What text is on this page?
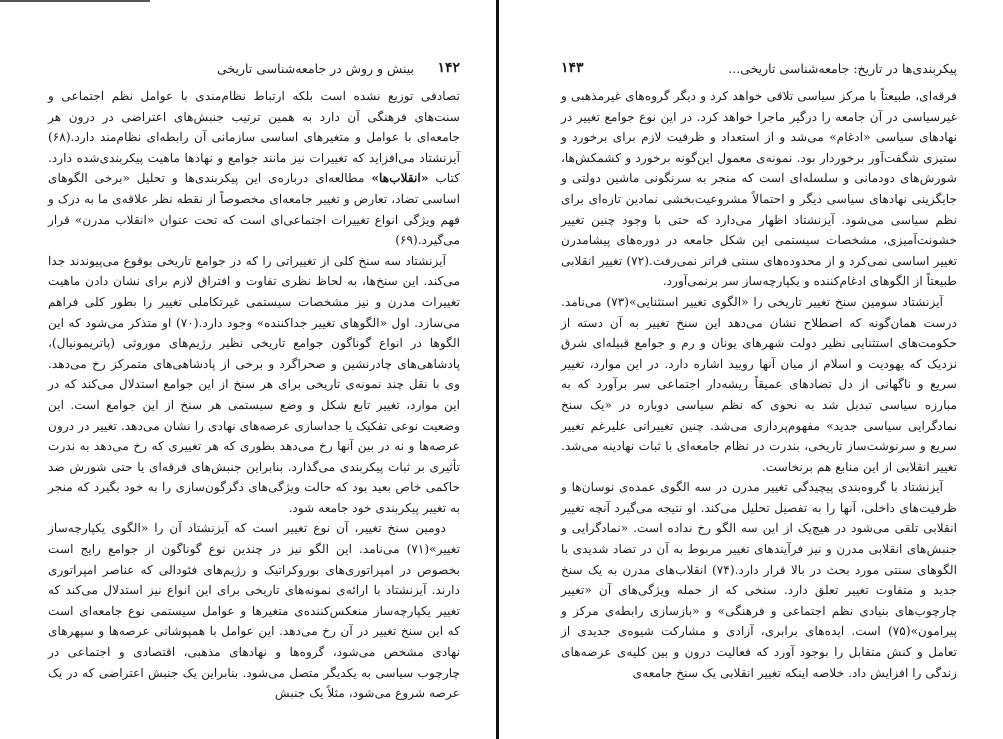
۱۴۲
بینش و روش در جامعه‌شناسی تاریخی

تصادفی توزیع نشده است بلکه ارتباط نظام‌مندی با عوامل نظم اجتماعی و سنت‌های فرهنگی آن دارد به همین ترتیب جنبش‌های اعتراضی در درون هر جامعه‌ای با عوامل و متغیرهای اساسی سازمانی آن رابطه‌ای نظام‌مند دارد.(۶۸) آیزنشتاد می‌افزاید که تغییرات نیز مانند جوامع و نهادها ماهیت پیکربندی‌شده دارد. کتاب «انقلاب‌ها» مطالعه‌ای درباره‌ی این پیکربندی‌ها و تحلیل «برخی الگوهای اساسی تضاد، تعارض و تغییر جامعه‌ای مخصوصاً از نقطه نظر علاقه‌ی ما به درک و فهم ویژگی انواع تغییرات اجتماعی‌ای است که تحت عنوان «انقلاب مدرن» قرار می‌گیرد.(۶۹)

آیزنشتاد سه سنخ کلی از تغییراتی را که در جوامع تاریخی بوقوع می‌پیوندند جدا می‌کند. این سنخ‌ها، به لحاظ نظری تفاوت و افتراق لازم برای نشان دادن ماهیت تغییرات مدرن و نیز مشخصات سیستمی غیرتکاملی تغییر را بطور کلی فراهم می‌سازد. اول «الگوهای تغییر جداکننده» وجود دارد.(۷۰) او متذکر می‌شود که این الگوها در انواع گوناگون جوامع تاریخی نظیر رژیم‌های موروثی (پاتریمونیال)، پادشاهی‌های چادرنشین و صحراگرد و برخی از پادشاهی‌های متمرکز رخ می‌دهد. وی با نقل چند نمونه‌ی تاریخی برای هر سنخ از این جوامع استدلال می‌کند که در این موارد، تغییر تابع شکل و وضع سیستمی هر سنخ از این جوامع است. این وضعیت نوعی تفکیک یا جداسازی عرصه‌های نهادی را نشان می‌دهد. تغییر در درون عرصه‌ها و نه در بین آنها رخ می‌دهد بطوری که هر تغییری که رخ می‌دهد به ندرت تأثیری بر ثبات پیکربندی می‌گذارد. بنابراین جنبش‌های فرقه‌ای یا حتی شورش ضد حاکمی خاص بعید بود که حالت ویژگی‌های دگرگون‌سازی را به خود بگیرد که منجر به تغییر پیکربندی خود جامعه شود.

دومین سنخ تغییر، آن نوع تغییر است که آیزنشتاد آن را «الگوی یکپارچه‌ساز تغییر»(۷۱) می‌نامد. این الگو نیز در چندین نوع گوناگون از جوامع رایج است بخصوص در امپراتوری‌های بوروکراتیک و رژیم‌های فئودالی که عناصر امپراتوری دارند. آیزنشتاد با ارائه‌ی نمونه‌های تاریخی برای این انواع نیز استدلال می‌کند که تغییر یکپارچه‌ساز منعکس‌کننده‌ی متغیرها و عوامل سیستمی نوع جامعه‌ای است که این سنخ تغییر در آن رخ می‌دهد. این عوامل با همپوشانی عرصه‌ها و سپهرهای نهادی مشخص می‌شود، گروه‌ها و نهادهای مذهبی، اقتصادی و اجتماعی در چارچوب سیاسی به یکدیگر متصل می‌شود. بنابراین یک جنبش اعتراضی که در یک عرصه شروع می‌شود، مثلاً یک جنبش

۱۴۳	پیکربندی‌ها در تاریخ: جامعه‌شناسی تاریخی...

فرقه‌ای، طبیعتاً با مرکز سیاسی تلاقی خواهد کرد و دیگر گروه‌های غیرمذهبی و غیرسیاسی در آن جامعه را درگیر ماجرا خواهد کرد. در این نوع جوامع تغییر در نهادهای سیاسی «ادغام» می‌شد و از استعداد و ظرفیت لازم برای برخورد و ستیزی شگفت‌آور برخوردار بود. نمونه‌ی معمول این‌گونه برخورد و کشمکش‌ها، شورش‌های دودمانی و سلسله‌ای است که منجر به سرنگونی ماشین دولتی و جایگزینی نهادهای سیاسی دیگر و احتمالاً مشروعیت‌بخشی نمادین تازه‌ای برای نظم سیاسی می‌شود. آیزنشتاد اظهار می‌دارد که حتی با وجود چنین تغییر خشونت‌آمیزی، مشخصات سیستمی این شکل جامعه در دوره‌های پیشامدرن تغییر اساسی نمی‌کرد و از محدوده‌های سنتی فراتر نمی‌رفت.(۷۲) تغییر انقلابی طبیعتاً از الگوهای ادغام‌کننده و یکپارچه‌ساز سر برنمی‌آورد.

آیزنشتاد سومین سنخ تغییر تاریخی را «الگوی تغییر استثنایی»(۷۳) می‌نامد. درست همان‌گونه که اصطلاح نشان می‌دهد این سنخ تغییر به آن دسته از حکومت‌های استثنایی نظیر دولت شهرهای یونان و رم و جوامع قبیله‌ای شرق نزدیک که یهودیت و اسلام از میان آنها رویید اشاره دارد. در این موارد، تغییر سریع و ناگهانی از دل تضادهای عمیقاً ریشه‌دار اجتماعی سر برآورد که به مبارزه سیاسی تبدیل شد به نحوی که نظم سیاسی دوباره در «یک سنخ نمادگرایی سیاسی جدید» مفهوم‌پردازی می‌شد. چنین تغییراتی علیرغم تغییر سریع و سرنوشت‌ساز تاریخی، بندرت در نظام جامعه‌ای با ثبات نهادینه می‌شد. تغییر انقلابی از این منابع هم برنخاست.

آیزنشتاد با گروه‌بندی پیچیدگی تغییر مدرن در سه الگوی عمده‌ی نوسان‌ها و ظرفیت‌های داخلی، آنها را به تفصیل تحلیل می‌کند. او نتیجه می‌گیرد آنچه تغییر انقلابی تلقی می‌شود در هیچ‌یک از این سه الگو رخ نداده است. «نمادگرایی و جنبش‌های انقلابی مدرن و نیز فرآیندهای تغییر مربوط به آن در تضاد شدیدی با الگوهای سنتی مورد بحث در بالا قرار دارد.(۷۴) انقلاب‌های مدرن به یک سنخ جدید و متفاوت تغییر تعلق دارد. سنخی که از جمله ویژگی‌های آن «تغییر چارچوب‌های بنیادی نظم اجتماعی و فرهنگی» و «بازسازی رابطه‌ی مرکز و پیرامون»(۷۵) است. ایده‌های برابری، آزادی و مشارکت شیوه‌ی جدیدی از تعامل و کنش متقابل را بوجود آورد که فعالیت درون و بین کلیه‌ی عرصه‌های زندگی را افزایش داد. خلاصه اینکه تغییر انقلابی یک سنخ جامعه‌ی
